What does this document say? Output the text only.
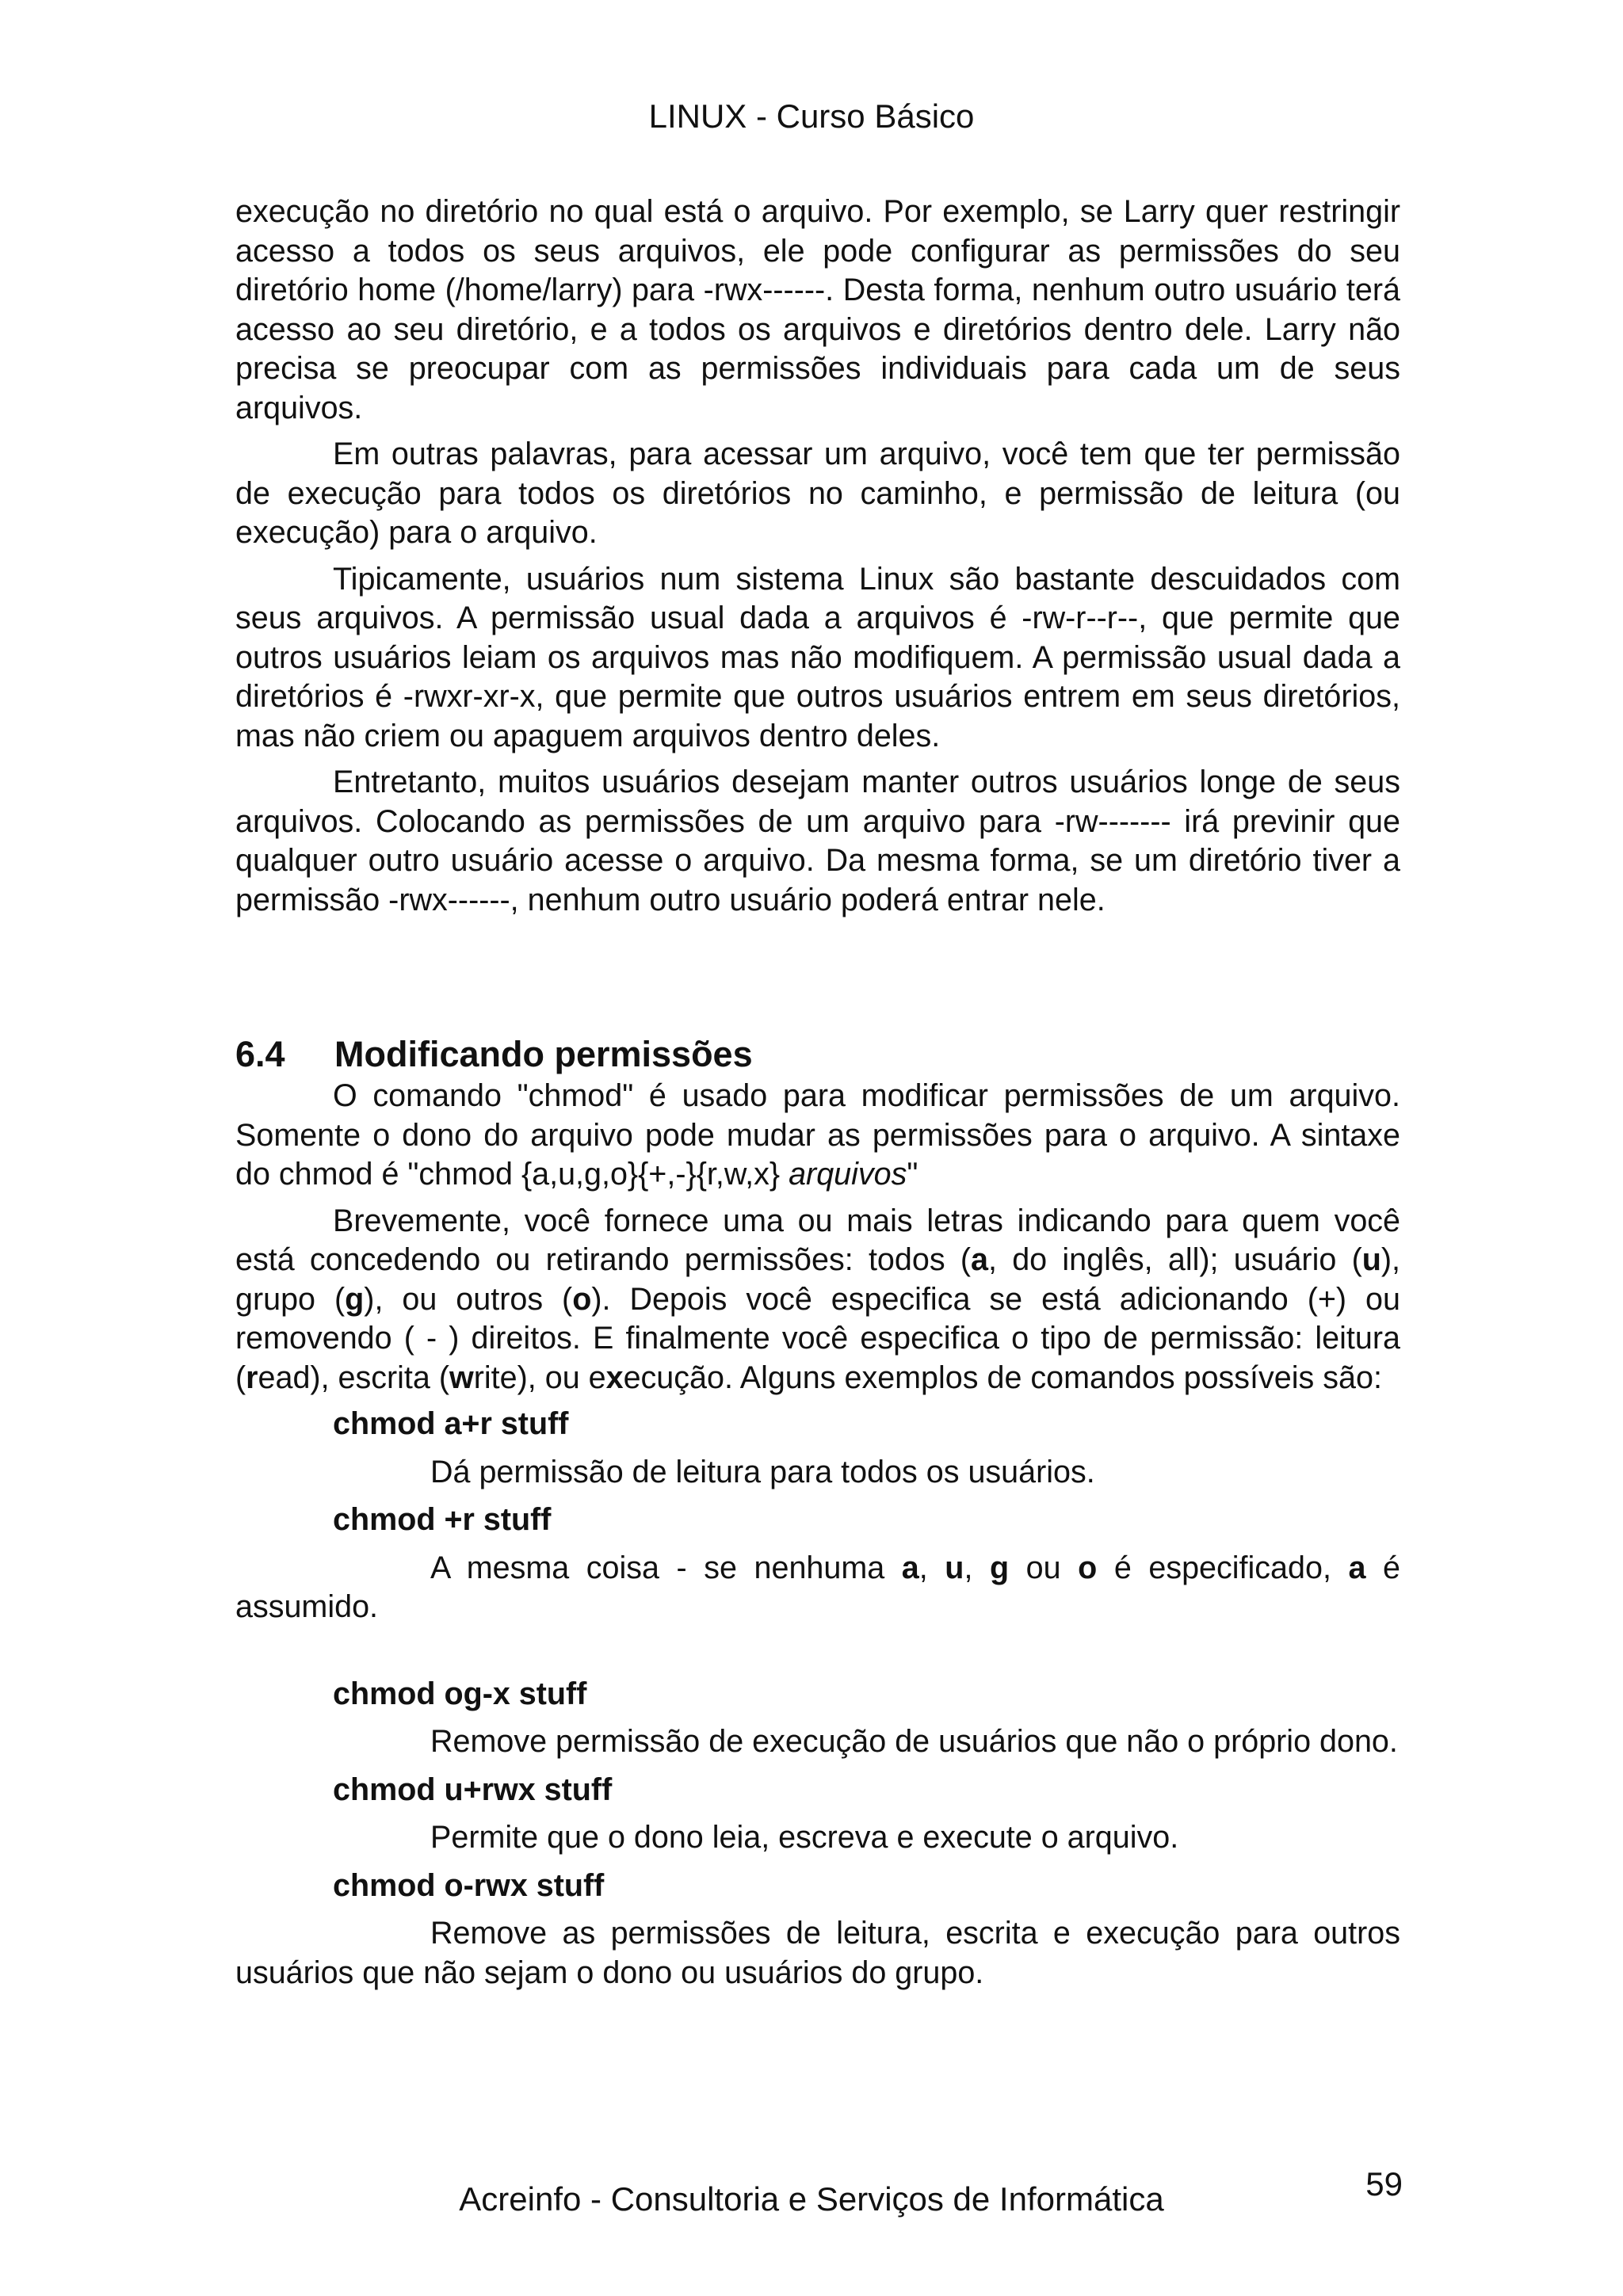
LINUX - Curso Básico

execução no diretório no qual está o arquivo. Por exemplo, se Larry quer restringir acesso a todos os seus arquivos, ele pode configurar as permissões do seu diretório home (/home/larry) para -rwx------. Desta forma, nenhum outro usuário terá acesso ao seu diretório, e a todos os arquivos e diretórios dentro dele. Larry não precisa se preocupar com as permissões individuais para cada um de seus arquivos.

Em outras palavras, para acessar um arquivo, você tem que ter permissão de execução para todos os diretórios no caminho, e permissão de leitura (ou execução) para o arquivo.

Tipicamente, usuários num sistema Linux são bastante descuidados com seus arquivos. A permissão usual dada a arquivos é -rw-r--r--, que permite que outros usuários leiam os arquivos mas não modifiquem. A permissão usual dada a diretórios é -rwxr-xr-x, que permite que outros usuários entrem em seus diretórios, mas não criem ou apaguem arquivos dentro deles.

Entretanto, muitos usuários desejam manter outros usuários longe de seus arquivos. Colocando as permissões de um arquivo para -rw------- irá previnir que qualquer outro usuário acesse o arquivo. Da mesma forma, se um diretório tiver a permissão -rwx------, nenhum outro usuário poderá entrar nele.

6.4 Modificando permissões

O comando "chmod" é usado para modificar permissões de um arquivo. Somente o dono do arquivo pode mudar as permissões para o arquivo. A sintaxe do chmod é "chmod {a,u,g,o}{+,-}{r,w,x} arquivos"

Brevemente, você fornece uma ou mais letras indicando para quem você está concedendo ou retirando permissões: todos (a, do inglês, all); usuário (u), grupo (g), ou outros (o). Depois você especifica se está adicionando (+) ou removendo ( - ) direitos. E finalmente você especifica o tipo de permissão: leitura (read), escrita (write), ou execução. Alguns exemplos de comandos possíveis são:

chmod a+r stuff

Dá permissão de leitura para todos os usuários.

chmod +r stuff

A mesma coisa - se nenhuma a, u, g ou o é especificado, a é assumido.

chmod og-x stuff

Remove permissão de execução de usuários que não o próprio dono.

chmod u+rwx stuff

Permite que o dono leia, escreva e execute o arquivo.

chmod o-rwx stuff

Remove as permissões de leitura, escrita e execução para outros usuários que não sejam o dono ou usuários do grupo.

Acreinfo - Consultoria e Serviços de Informática	59
